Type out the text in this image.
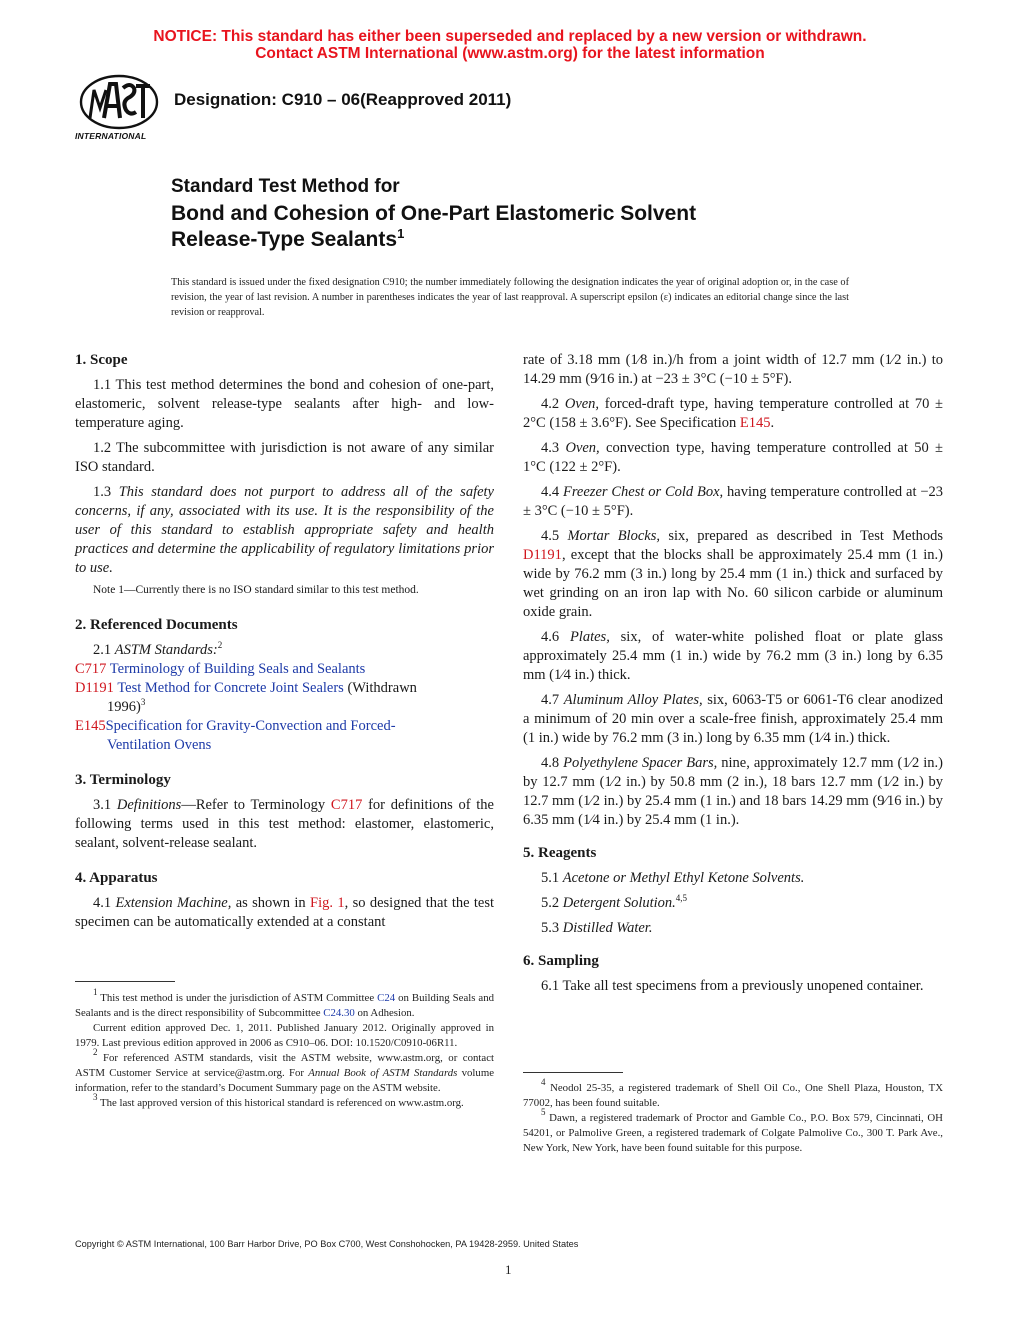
NOTICE: This standard has either been superseded and replaced by a new version or withdrawn.
Contact ASTM International (www.astm.org) for the latest information
INTERNATIONAL
Designation: C910 – 06(Reapproved 2011)
Standard Test Method for
Bond and Cohesion of One-Part Elastomeric Solvent
Release-Type Sealants$^1$
This standard is issued under the fixed designation C910; the number immediately following the designation indicates the year of original adoption or, in the case of revision, the year of last revision. A number in parentheses indicates the year of last reapproval. A superscript epsilon (ε) indicates an editorial change since the last revision or reapproval.
1. Scope

1.1 This test method determines the bond and cohesion of one-part, elastomeric, solvent release-type sealants after high- and low-temperature aging.

1.2 The subcommittee with jurisdiction is not aware of any similar ISO standard.

1.3 This standard does not purport to address all of the safety concerns, if any, associated with its use. It is the responsibility of the user of this standard to establish appropriate safety and health practices and determine the applicability of regulatory limitations prior to use.

Note 1—Currently there is no ISO standard similar to this test method.

2. Referenced Documents

2.1 ASTM Standards:$^2$

C717 Terminology of Building Seals and Sealants

D1191 Test Method for Concrete Joint Sealers (Withdrawn

1996)$^3$

E145Specification for Gravity-Convection and Forced-

Ventilation Ovens

3. Terminology

3.1 Definitions—Refer to Terminology C717 for definitions of the following terms used in this test method: elastomer, elastomeric, sealant, solvent-release sealant.

4. Apparatus

4.1 Extension Machine, as shown in Fig. 1, so designed that the test specimen can be automatically extended at a constant

$^1$ This test method is under the jurisdiction of ASTM Committee C24 on Building Seals and Sealants and is the direct responsibility of Subcommittee C24.30 on Adhesion.

Current edition approved Dec. 1, 2011. Published January 2012. Originally approved in 1979. Last previous edition approved in 2006 as C910–06. DOI: 10.1520/C0910-06R11.

$^2$ For referenced ASTM standards, visit the ASTM website, www.astm.org, or contact ASTM Customer Service at service@astm.org. For Annual Book of ASTM Standards volume information, refer to the standard’s Document Summary page on the ASTM website.

$^3$ The last approved version of this historical standard is referenced on www.astm.org.

rate of 3.18 mm (1⁄8 in.)/h from a joint width of 12.7 mm (1⁄2 in.) to 14.29 mm (9⁄16 in.) at −23 ± 3°C (−10 ± 5°F).

4.2 Oven, forced-draft type, having temperature controlled at 70 ± 2°C (158 ± 3.6°F). See Specification E145.

4.3 Oven, convection type, having temperature controlled at 50 ± 1°C (122 ± 2°F).

4.4 Freezer Chest or Cold Box, having temperature controlled at −23 ± 3°C (−10 ± 5°F).

4.5 Mortar Blocks, six, prepared as described in Test Methods D1191, except that the blocks shall be approximately 25.4 mm (1 in.) wide by 76.2 mm (3 in.) long by 25.4 mm (1 in.) thick and surfaced by wet grinding on an iron lap with No. 60 silicon carbide or aluminum oxide grain.

4.6 Plates, six, of water-white polished float or plate glass approximately 25.4 mm (1 in.) wide by 76.2 mm (3 in.) long by 6.35 mm (1⁄4 in.) thick.

4.7 Aluminum Alloy Plates, six, 6063-T5 or 6061-T6 clear anodized a minimum of 20 min over a scale-free finish, approximately 25.4 mm (1 in.) wide by 76.2 mm (3 in.) long by 6.35 mm (1⁄4 in.) thick.

4.8 Polyethylene Spacer Bars, nine, approximately 12.7 mm (1⁄2 in.) by 12.7 mm (1⁄2 in.) by 50.8 mm (2 in.), 18 bars 12.7 mm (1⁄2 in.) by 12.7 mm (1⁄2 in.) by 25.4 mm (1 in.) and 18 bars 14.29 mm (9⁄16 in.) by 6.35 mm (1⁄4 in.) by 25.4 mm (1 in.).

5. Reagents

5.1 Acetone or Methyl Ethyl Ketone Solvents.

5.2 Detergent Solution.$^{4,5}$

5.3 Distilled Water.

6. Sampling

6.1 Take all test specimens from a previously unopened container.

$^4$ Neodol 25-35, a registered trademark of Shell Oil Co., One Shell Plaza, Houston, TX 77002, has been found suitable.

$^5$ Dawn, a registered trademark of Proctor and Gamble Co., P.O. Box 579, Cincinnati, OH 54201, or Palmolive Green, a registered trademark of Colgate Palmolive Co., 300 T. Park Ave., New York, New York, have been found suitable for this purpose.

Copyright © ASTM International, 100 Barr Harbor Drive, PO Box C700, West Conshohocken, PA 19428-2959. United States
1
